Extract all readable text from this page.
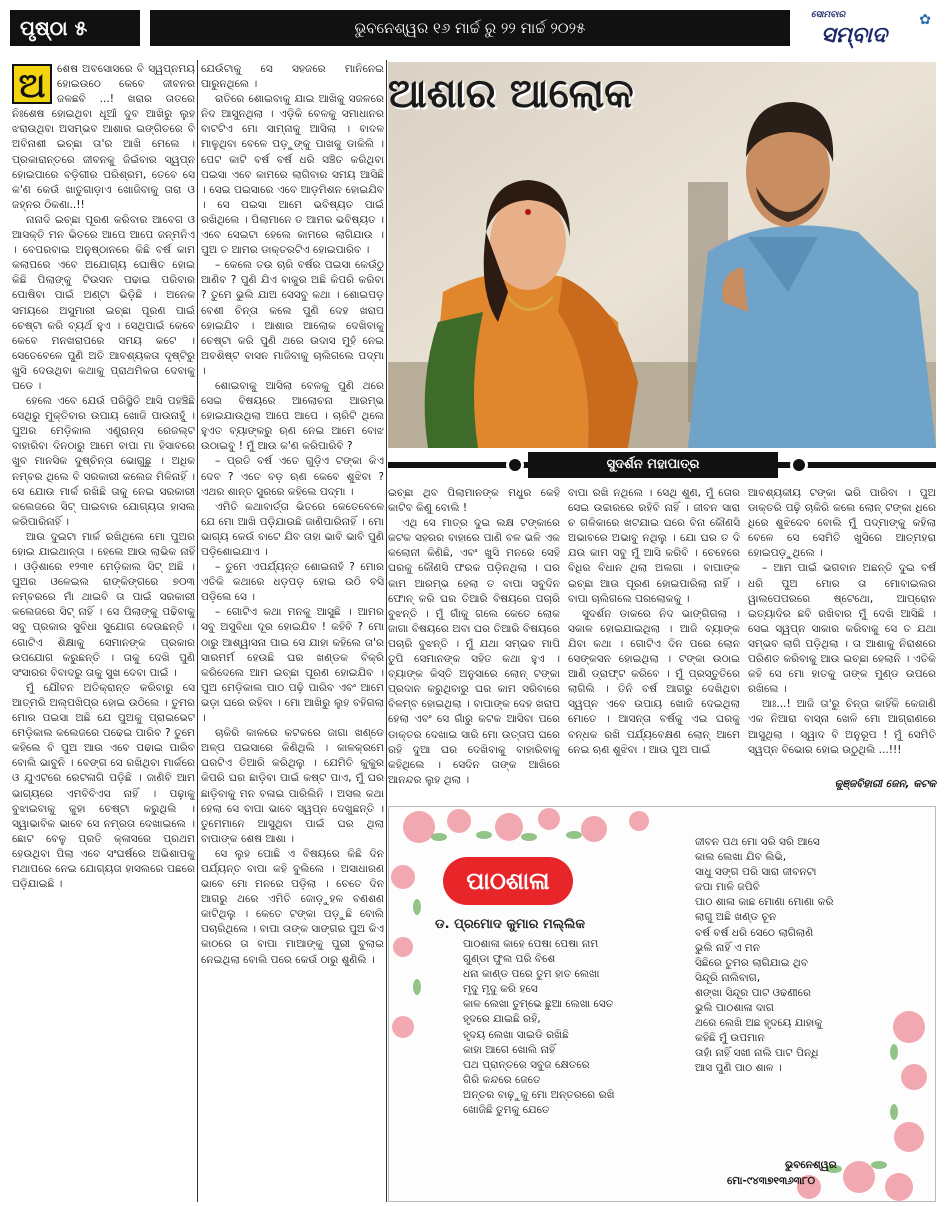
ପୃଷ୍ଠା ୫	ଭୁବନେଶ୍ୱର ୧୬ ମାର୍ଚ୍ଚ ରୁ ୨୨ ମାର୍ଚ୍ଚ ୨୦୨୫
ସୋମବାର
ସମ୍ବାଦ
✿
ଅ	ଶେଷ ଅବସୋସରେ ବି ସ୍ୱପ୍ନମୟ ହୋଇଉଠେ କେବେ ଜୀବନର ଜଳଛବି ...! ଖରାର ତାତରେ ନିଃଶେଷ ହୋଇଥିବା ଧୂଆଁ ଦୁବ ଆଖିରୁ ଲୁହ ଝରାଉଥିବା ଅସମ୍ଭବ ଆଶାର ଇଙ୍ଗିତରେ ବି ଅବିନାଶୀ ଇଚ୍ଛା ତା'ର ଆଖି ମେଲେ । ପ୍ରକାରାନ୍ତରେ ଜୀବନକୁ ଜିଇଁବାର ସ୍ୱପ୍ନ ହୋଇପାରେ ବଡ଼ିଗୀର ପରିଶ୍ରମ, ତେବେ ସେ କ'ଣ କେଉଁ ଖାତୁଗାଡ଼ାଏ ଖୋଜିବାକୁ ତାରା ଓ ଜହ୍ନର ଠିକଣା..!!

ନାନାଦି ଇଚ୍ଛା ପୂରଣ କରିବାର ଆବେଗ ଓ ଆସକ୍ତି ମନ ଭିତରେ ଆପେ ଆପେ ଜନ୍ମନିଏ । ବେପରବାଇ ଅନୁଷ୍ଠାନରେ କିଛି ବର୍ଷ କାମ କଲାପରେ ଏବେ ଅଯୋଗ୍ୟ ଘୋଷିତ ହୋଇ କିଛି ପିଲାଙ୍କୁ ଟିଉସନ ପଢାଇ ପରିବାର ପୋଷିବା ପାଇଁ ଅଣ୍ଟା ଭିଡ଼ିଛି । ଅନେକ ସମୟରେ ଅସୁମାରୀ ଇଚ୍ଛା ପୂରଣ ପାଇଁ ଚେଷ୍ଟା କରି ବ୍ୟର୍ଥ ହୁଏ । ସେଥିପାଇଁ କେବେ କେବେ ମନଖରାପରେ ସମୟ କଟେ । ସେତେବେଳେ ପୁଣି ଅତି ଆବଶ୍ୟକତା ଦୃଷ୍ଟିରୁ ଖୁସି ଦେଉଥିବା କଥାକୁ ପ୍ରାଥମିକତା ଦେବାକୁ ପଡେ ।

ହେଲେ ଏବେ ଯେଉଁ ପରିସ୍ଥିତି ଆସି ପହଞ୍ଚିଛି ସେଥିରୁ ମୁକ୍ତିବାର ଉପାୟ ଖୋଜି ପାଉନାହୁଁ । ପୁଅର ମେଡ଼ିକାଲ ଏଣ୍ଟ୍ରାନ୍ସ ରେଜଲ୍ଟ ବାହାରିବା ଦିନଠାରୁ ଆମେ ବାପା ମା ହିସାବରେ ଖୁବ ମାନସିକ ଦୁଷ୍ଚିନ୍ତା ଭୋଗୁଛୁ । ଅଧିକ ନମ୍ବର ଥିଲେ ବି ସରକାରୀ କଲେଜ ମିଳିନାହିଁ । ସେ ଯୋଉ ମାର୍କ ରଖିଛି ତାକୁ ନେଇ ସରକାରୀ କଲେଜରେ ସିଟ୍ ପାଇବାର ଯୋଗ୍ୟତା ହାସଲ କରିପାରିନାହିଁ ।

ଆଉ ଦୁଇଟା ମାର୍କ ରଖିଥିଲେ ମୋ ପୁଅର ହୋଇ ଯାଇଥାନ୍ତା । ହେଲେ ଆଉ ଲାଭିକ ନାହିଁ । ଓଡ଼ିଶାରେ ୧୨୩୧ ମେଡ଼ିକାଲ ସିଟ୍ ଅଛି । ପୁଅର ଓଳେଇଲ ରାଙ୍କିଙ୍ଗରେ ୭୦୩ ନମ୍ବରରେ ମାଁ ଥାଇବି ତା ପାଇଁ ସରକାରୀ କଲେଜରେ ସିଟ୍ ନାହିଁ । ସେ ପିଲାଙ୍କୁ ପଢିବାକୁ ସବୁ ପ୍ରକାର ସୁବିଧା ସୁଯୋଗ ଦେଉଛନ୍ତି । ଗୋଟିଏ ଶିକ୍ଷାକୁ ସେମାନଙ୍କ ପ୍ରକାର ଉପଯୋଗ କରୁଛନ୍ତି । ତାକୁ ଦେଖି ପୁଣି ସଂସାରର ବିବାଦରୁ ତାକୁ ସୁଖ ଦେବା ପାଇଁ ।

ମୁଁ ଯୌବନ ଅତିକ୍ରାନ୍ତ କରିବାରୁ ସେ ଆତ୍ମରି ଅଲ୍ପଖିପ୍ର ହୋଇ ଉଠିଲେ । ତୁମର ମୋର ପଇସା ଅଛି ଯେ ପୁଅକୁ ପ୍ରାଇଭେଟ ମେଡ଼ିକାଲ କଲେଜରେ ପଢେଇ ପାରିବ ? ତୁମେ କହିଲେ ବି ପୁଅ ଆଉ ଏବେ ପଢାଇ ପାରିବ ବୋଲି ଭାବୁନି । ବେଙ୍ଗ ସେ ରଖିଥିବା ମାର୍କରେ ଓ ଯୁଏଟରେ ରେଟଳାଗି ପଡ଼ିଛି । ଜାଣିବି ଆମ ଭାଗ୍ୟରେ ଏମବିବିଏସ ନାହିଁ । ପଢ଼ାକୁ ବୁଝାଇବାକୁ କୁହା ଚେଷ୍ଟା କରୁଥିଲି । ସ୍ୱାଭାବିକ ଭାବେ ସେ ନମ୍ରତା ଦେଖାଇଲେ । ଛୋଟ ବେଳୁ ପ୍ରତି କ୍ଳାସରେ ପ୍ରଥମ ହେଉଥିବା ପିଲା ଏବେ ସଂଘର୍ଷରେ ଅଭିଶାପକୁ ମଥାପରେ ନେଇ ଯୋଗ୍ୟତା ହାସଲରେ ପଛରେ ପଡ଼ିଯାଇଛି ।

ଯେଉଁଟାକୁ ସେ ସହଜରେ ମାନିନେଇ ପାରୁନଥିଲେ ।

ରାତିରେ ଶୋଇବାକୁ ଯାଇ ଆଖିକୁ ସଜଳରେ ନିଦ ଆସୁନଥିଲା । ଏଡ଼ିକି ବେଳକୁ ସମାଧାନର ବାଟଟିଏ ମୋ ସାମ୍ନାକୁ ଆସିଲା । ବାଦଳ ମାଳୁଥିବା ବେଳେ ପଡ଼ୁଙ୍କୁ ପାଖକୁ ଡାକିଲି । ପେଟ କାଟି ବର୍ଷ ବର୍ଷ ଧରି ସଞ୍ଚିତ କରିଥିବା ପଇସା ଏବେ କାମରେ ଲାଗିବାର ସମୟ ଆସିଛି । ସେଇ ପଇସାରେ ଏବେ ଆଡ଼ମିଶନ ହୋଇଯିବ । ସେ ପଇସା ଆମେ ଭବିଷ୍ୟତ ପାଇଁ ରଖିଥିଲେ । ପିଲାମାନେ ତ ଆମର ଭବିଷ୍ୟତ । ଏବେ ସେଇଟା ହେଲେ କାମରେ ଲାଗିଯାଉ । ପୁଅ ତ ଆମର ଡାକ୍ତରଟିଏ ହୋଇପାରିବ ।

– କେଲେ ତଉ ଚାରି ବର୍ଷର ପଇସା କେଉଁଠୁ ଆଣିବ ? ପୁଣି ଯିଏ ବାକୁର ଅଛି କିପରି କରିବା ? ତୁମେ ଭୁଲି ଯାଅ ସେସବୁ କଥା । ଶୋଇପଡ଼ ବେଶୀ ଚିନ୍ତା କଲେ ପୁଣି ଦେହ ଖରାପ ହୋଇଯିବ । ଆଶାର ଆଲୋକ ଦେଖିବାକୁ ଚେଷ୍ଟା କରି ପୁଣି ଥରେ ଉଦାସ ମୁହଁ ନେଇ ଅବଶିଷ୍ଟ ବାସନ ମାଜିବାକୁ ଚାଲିଗଲେ ପଦ୍ମା ।

ଶୋଇବାକୁ ଆସିଲା ବେଳକୁ ପୁଣି ଥରେ ସେଇ ବିଷୟରେ ଆଲୋଚନା ଆରମ୍ଭ ହୋଇଯାଉଥିଲା ଆପେ ଆପେ । ଚାରିଟି ଥିଲେ ହୁଏତ ବ୍ୟାଙ୍କରୁ ଋଣ ନେଇ ଆମେ ବୋଝ ଉଠାଇବୁ ! ମୁଁ ଆଉ କ'ଣ କରିପାରିବି ?

– ପ୍ରତି ବର୍ଷ ଏତେ ଗୁଡ଼ିଏ ଟଙ୍କା କିଏ ଦେବ ? ଏତେ ବଡ଼ ଋଣ କେବେ ଶୁଝିବା ? ଏଥର ଶାନ୍ତ ସୁରରେ କହିଲେ ପଦ୍ମା ।

ଏମିତି କଥାବାର୍ତ୍ତା ଭିତରେ କେତେବେଳେ ଯେ ମୋ ଆଖି ପଡ଼ିଯାଉଛି ଜାଣିପାରିନାହିଁ । ମୋ ଭାଗ୍ୟ କେଉଁ ବାଟେ ଯିବ ତାହା ଭାବି ଭାବି ପୁଣି ପଡ଼ିଶୋଇଯାଏ ।

– ତୁମେ ଏପର୍ଯ୍ୟନ୍ତ ଶୋଇନାହଁ ? ମୋର ଏତିକି କଥାରେ ଧଡ଼ପଡ଼ ହୋଇ ଉଠି ବସି ପଡ଼ିଲେ ସେ ।

– ଗୋଟିଏ କଥା ମନକୁ ଆସୁଛି । ଆମର ସବୁ ଅସୁବିଧା ଦୂର ହୋଇଯିବ ! କହିବି ? ମୋ ଠାରୁ ଆଶ୍ୱାସନା ପାଇ ସେ ଯାହା କହିଲେ ତା'ର ସାରମର୍ମ ହେଉଛି ଘର ଖଣ୍ଡକ ବିକ୍ରି କରିଦେଲେ ଆମ ଇଚ୍ଛା ପୂରଣ ହୋଇଯିବ । ପୁଅ ମେଡ଼ିକାଲ ପାଠ ପଢ଼ି ପାରିବ ଏବଂ ଆମେ ଭଡ଼ା ଘରେ ରହିବା । ମୋ ଆଖିରୁ ଲୁହ ବହିଗଲା ।

ଚାକିରି କାଳରେ କଟକରେ ଜାଗା ଖଣ୍ଡେ ଅଳ୍ପ ପଇସାରେ କିଣିଥିଲି । କାଳକ୍ରମେ ଘରଟିଏ ତିଆରି କରିଥିଲୁ । ଯେମିତି କୁକୁର କିପରି ଘର ଛାଡ଼ିବା ପାଇଁ କଷ୍ଟ ପାଏ, ମୁଁ ଘର ଛାଡ଼ିବାକୁ ମନ ବଳାଇ ପାରିଲିନି । ଅସଲ କଥା ହେଲା ସେ ବାପା ଭାବେ ସ୍ୱପ୍ନ ଦେଖୁଛନ୍ତି । ତୁମେମାନେ ଆସୁଥିବା ପାଇଁ ଘର ଥିଲା ବାପାଙ୍କ ଶେଷ ଆଶା ।

ସେ ଲୁହ ପୋଛି ଏ ବିଷୟରେ କିଛି ଦିନ ପର୍ଯ୍ୟନ୍ତ ବାପା କହି ବୁଲିଲେ । ଅସାଧାରଣ ଭାବେ ମୋ ମନରେ ପଡ଼ିଲା । ଚେତେ ଦିନ ଆଗରୁ ଥରେ ଏମିତି ଜୋଡ଼ୁହଳ ବଣଶଣ କାଟିଥିଲୁ । କେତେ ଟଙ୍କା ପଡ଼ୁଛି ବୋଲି ପଚାରିଥିଲେ । ବାପା ତାଙ୍କ ସାଙ୍ଗର ପୁଅ କିଏ କାଠରେ ତା ବାପା ମାଆଙ୍କୁ ପୁରୀ ବୁଲାଇ ନେଇଥିଲା ବୋଲି ପରେ କେଉଁ ଠାରୁ ଶୁଣିଲି ।

ଆଶାର ଆଲୋକ
ସୁଦର୍ଶନ ମହାପାତ୍ର

ଇଚ୍ଛା ଥିବ ପିଲାମାନଙ୍କ ମଧୁର କେହି କାଟିବ କିଣୁ ବୋଲି !

ଏଥି ସେ ମାତ୍ର ଦୁଇ ଲକ୍ଷ ଟଙ୍କାରେ କଟକ ସହରର ବାହାରେ ପାଣି ବଳ ଭଳି ଏକ କଲୋନୀ କିଣିଛି, ଏବଂ ଖୁସି ମନରେ ସେହି ଘରକୁ କୌଣସି ଫରକ ପଡ଼ିନଥିଲା । ଘର କାମ ଆରମ୍ଭ ହେଲା ତ ବାପା ସବୁଦିନ ଫୋନ୍ କରି ଘର ତିଆରି ବିଷୟରେ ପଚାରି ବୁଝନ୍ତି । ମୁଁ ଗାଁକୁ ଗଲେ କେତେ ଲୋକ ଜାଗା ବିଷୟରେ ଅବା ଘର ତିଆରି ବିଷୟରେ ପଚାରି ବୁଝନ୍ତି । ମୁଁ ଯଥା ସମ୍ଭବ ମାପି ତୁପି ସେମାନଙ୍କ ସହିତ କଥା ହୁଏ । ବ୍ୟାଙ୍କ କିସ୍ତି ଅନୁସାରେ ଲୋନ୍ ଟଙ୍କା ପ୍ରଦାନ କରୁଥିବାରୁ ଘର କାମ ସରିବାରେ ବିଳମ୍ବ ହୋଇଥିଲା । ବାପାଙ୍କ ଦେହ ଖରାପ ହେଲା ଏବଂ ସେ ଗାଁରୁ କଟକ ଆସିବା ପରେ ଡାକ୍ତର ଦେଖାଇ ସାରି ମୋ ଉତ୍ତାପ ଘରେ ରହି ଦୁଆ ଘର ଦେଖିବାକୁ ବାହାରିବାକୁ କହିଥିଲେ । ସେଦିନ ତାଙ୍କ ଆଖିରେ ଆନନ୍ଦର ଲୁହ ଥିଲା ।

ବାପା ରଖି ନଥିଲେ । ସେଥି ଶୁଣ, ମୁଁ ତୋର ସେଇ ଉଚ୍ଚାରରେ ରହିବି ନାହିଁ । ଜୀବନ ସାରା ଚ ଗଳିକାରେ ଖଟଯାଇ ଘରେ ବିନା କୌଣସି ଅଭାବରେ ଅଭାବୁ ନଥିଲୁ । ଯୋ ଘର ତ ଦି ଯଉ କାମ ସବୁ ମୁଁ ଆସି କରିବି । ଚେହେରେ ବିଧିର ବିଧାନ ଥିଲା ଅଲଗା । ବାପାଙ୍କ ଇଚ୍ଛା ଆଉ ପୂରଣ ହୋଇପାରିଲା ନାହିଁ । ବାପା ଚାଲିଗଲେ ପରଲୋକକୁ ।

ସୁଦର୍ଶନ ଡାକରେ ନିଦ ଭାଙ୍ଗିଗଲା । ସକାଳ ହୋଇଯାଇଥିଲା । ଆଜି ବ୍ୟାଙ୍କ ଯିବା କଥା । ଗୋଟିଏ ଦିନ ପରେ ଲୋନ ସେଙ୍କସନ ହୋଇଥିଲା । ଟଙ୍କା ଉଠାଇ ଆଣି ଡ୍ରାଫ୍ଟ କରିବେ । ମୁଁ ପ୍ରସ୍ତୁତିରେ ଲାଗିଲି । ତିନି ବର୍ଷ ଆଗରୁ ଦେଖିଥିବା ସ୍ୱପ୍ନ ଏବେ ଉପାୟ ଖୋଜି ଦେଇଥିଲା ମୋତେ । ଆସନ୍ତା ବର୍ଷକୁ ଏଇ ଘରକୁ ବନ୍ଧକ ରଖି ପର୍ଯ୍ୟବେକ୍ଷଣ ଲୋନ୍ ଆମେ ନେଇ ଋଣ ଶୁଝିବା । ଆଉ ପୁଅ ପାଇଁ

ଆବଶ୍ୟକୀୟ ଟଙ୍କା ଭରି ପାରିବା । ପୁଅ ଡାକ୍ତରି ପଢ଼ି ଚାକିରି କଲେ ଲୋନ୍ ଟଙ୍କା ଧିରେ ଧିରେ ଶୁଝିଦେବ ବୋଲି ମୁଁ ପଦ୍ମାଙ୍କୁ କହିଲା ବେଳେ ସେ ସେମିତି ଖୁସିରେ ଆତ୍ମହରା ହୋଇପଡ଼ୁଥିଲେ ।

– ଆମ ପାଇଁ ଭଗବାନ ଅଛନ୍ତି ଦୁଇ ବର୍ଷ ଧରି ପୁଅ ମୋର ତା ମୋବାଇଲର ୱାଲପେପରରେ ଷ୍ଟେଥୋ, ଆପ୍ରୋନ ଇତ୍ୟାଦିର ଛବି ରଖିବାର ମୁଁ ଦେଖି ଆସିଛି । ସେଇ ସ୍ୱପ୍ନ ସାକାର କରିବାକୁ ସେ ତ ଯଥା ସମ୍ଭବ ଲାଗି ପଡ଼ିଥିଲା । ତା ଆଶାକୁ ନିରାଶରେ ପରିଣତ କରିବାକୁ ଆଉ ଇଚ୍ଛା ହେଲାନି । ଏତିକି କହି ସେ ମୋ ହାତକୁ ତାଙ୍କ ମୁଣ୍ଡ ଉପରେ ରଖିଲେ ।

ଆଃ...! ଆଜି ତା'ରୁ ଚିନ୍ତା କାହିଁକି କେଜାଣି ଏକ ନିଆରା ବାସ୍ନା ଖେଳି ମୋ ଆଗ୍ରାଣରେ ଆସୁଥିଲା । ସ୍ୱାଦ ବି ଅନୁରୂପ ! ମୁଁ ସେମିତି ସ୍ୱପ୍ନ ବିଭୋର ହୋଇ ଉଠୁଥିଲି ...!!!

କୁଞ୍ଜବିହାରୀ ଜେନ, କଟକ
ପାଠଶାଳା
ଡ. ପ୍ରମୋଦ କୁମାର ମଲ୍ଲିକ
ପାଠଶାଳା କାହେ ପେଷା ପେଷା ନାମ
ଗୁଣ୍ଡା ଫୁଲ ପରି ବିଶେ
ଧନା କାଣ୍ଡ ପରେ ତୁମ ହାତ ଲେଖା
ମୃଦୁ ମୃଦୁ କରି ହସେ
କାଳ ଲେଖା ତୁମ୍ଭେ ଛୁଆ ଲେଖା ସେତ
ହୃଦରେ ଯାଇଛି ରହି,
ହୃଦୟ ଲେଖା ସାଇଡି ରଖିଛି
କାହା ଆଗେ ଖୋଲି ନାହିଁ
ପଥ ପ୍ରାନ୍ତରେ ସବୁଜ କ୍ଷେତରେ
ଗିରି କନ୍ଦରେ ଜେତେ
ଅନ୍ତର ବାଢ଼ୁକୁ ମୋ ଅନ୍ତରରେ ରଖି
ଖୋଜିଛି ତୁମକୁ ଯେତେ
ଜୀବନ ପଥ ମୋ ସରି ସରି ଆସେ
କାଲ ଲେଖା ଯିବ ଲିଭି,
ସାଧୁ ସଙ୍ଗ ପରି ସାରା ଜୀବନଟା
ଜପା ମାଳି ଜପିବି
ପାଠ ଶାଳା କାଛ ମୋଣା ମୋଣା କରି
ଲାଗୁ ଅଛି ଖଣ୍ଡ ଚୂନ
ବର୍ଷ ବର୍ଷ ଧରି ସେଠେ ଲାଗିଲାଣି
ଭୁଲି ନାହିଁ ଏ ମନ
ସିଛିରେ ତୁମର ଲାଗିଯାଇ ଥିବ
ସିନ୍ଦୂରି ନାଲିବାଗ,
ଶଙ୍ଖା ସିନ୍ଦୂର ପାଟ ଓଢଣୀରେ
ଭୁଲି ପାଠଶାଳା ଦାଗ
ଥରେ ଲେଖି ଅଛ ହୃଦୟେ ଯାହାକୁ
କହିଛି ମୁଁ ଉପମାନ
ତାହାଁ ନାହିଁ ସଖୀ ନାଲି ପାଟ ପିନ୍ଧି
ଆସ ପୁଣି ପାଠ ଶାଳ ।
ଭୁବନେଶ୍ୱର
ମୋ-୯୪୩୭୧୩୬୩୮୦
